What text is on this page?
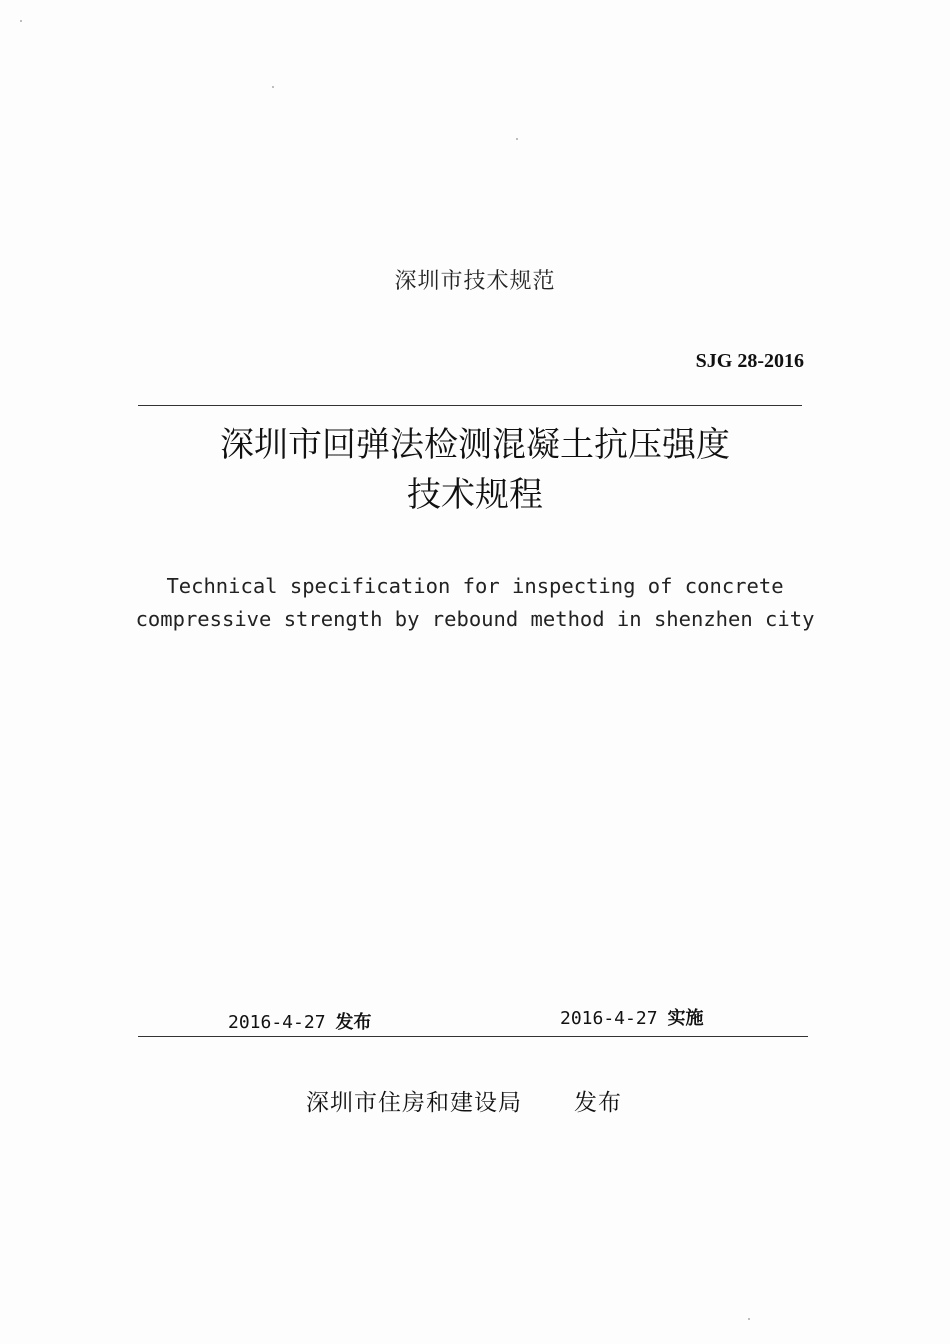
深圳市技术规范
SJG 28-2016
深圳市回弹法检测混凝土抗压强度
技术规程
Technical specification for inspecting of concrete
compressive strength by rebound method in shenzhen city
2016-4-27 发布	2016-4-27 实施
深圳市住房和建设局 发布
